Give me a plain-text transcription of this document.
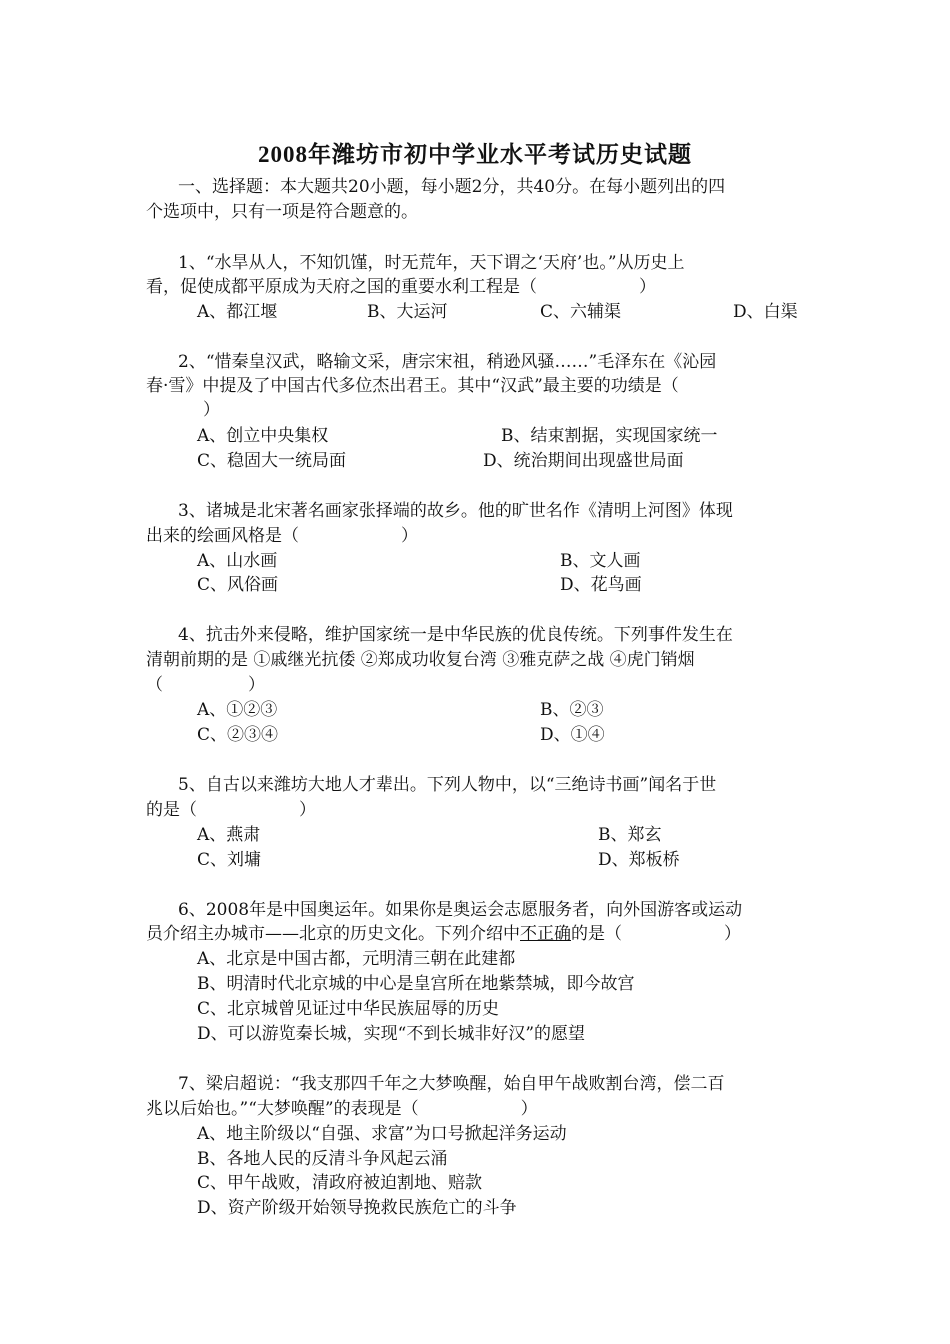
2008年潍坊市初中学业水平考试历史试题
一、选择题：本大题共20小题，每小题2分，共40分。在每小题列出的四
个选项中，只有一项是符合题意的。
1、“水旱从人，不知饥馑，时无荒年，天下谓之‘天府’也。”从历史上
看，促使成都平原成为天府之国的重要水利工程是（　　　　　　）
A、都江堰	B、大运河	C、六辅渠	D、白渠
2、“惜秦皇汉武，略输文采，唐宗宋祖，稍逊风骚……”毛泽东在《沁园
春·雪》中提及了中国古代多位杰出君王。其中“汉武”最主要的功绩是（
）
A、创立中央集权	B、结束割据，实现国家统一
C、稳固大一统局面	D、统治期间出现盛世局面
3、诸城是北宋著名画家张择端的故乡。他的旷世名作《清明上河图》体现
出来的绘画风格是（　　　　　　）
A、山水画	B、文人画
C、风俗画	D、花鸟画
4、抗击外来侵略，维护国家统一是中华民族的优良传统。下列事件发生在
清朝前期的是 ①戚继光抗倭 ②郑成功收复台湾 ③雅克萨之战 ④虎门销烟
（　　　　　）
A、①②③	B、②③
C、②③④	D、①④
5、自古以来潍坊大地人才辈出。下列人物中，以“三绝诗书画”闻名于世
的是（　　　　　　）
A、燕肃	B、郑玄
C、刘墉	D、郑板桥
6、2008年是中国奥运年。如果你是奥运会志愿服务者，向外国游客或运动
员介绍主办城市——北京的历史文化。下列介绍中不正确的是（　　　　　　）
A、北京是中国古都，元明清三朝在此建都
B、明清时代北京城的中心是皇宫所在地紫禁城，即今故宫
C、北京城曾见证过中华民族屈辱的历史
D、可以游览秦长城，实现“不到长城非好汉”的愿望
7、梁启超说：“我支那四千年之大梦唤醒，始自甲午战败割台湾，偿二百
兆以后始也。”“大梦唤醒”的表现是（　　　　　　）
A、地主阶级以“自强、求富”为口号掀起洋务运动
B、各地人民的反清斗争风起云涌
C、甲午战败，清政府被迫割地、赔款
D、资产阶级开始领导挽救民族危亡的斗争
